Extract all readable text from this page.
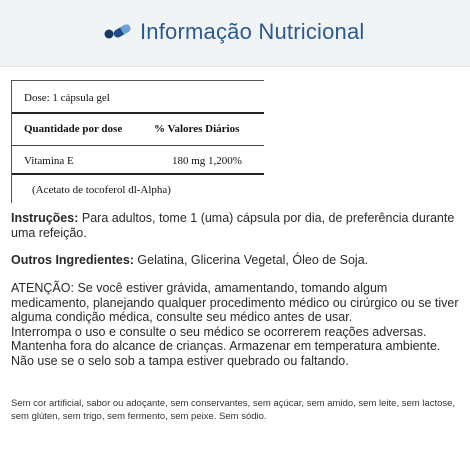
Informação Nutricional
Dose: 1 cápsula gel
Quantidade por dose	% Valores Diários
Vitamina E	180 mg 1,200%
(Acetato de tocoferol dl-Alpha)
Instruções: Para adultos, tome 1 (uma) cápsula por dia, de preferência durante uma refeição.
Outros Ingredientes: Gelatina, Glicerina Vegetal, Óleo de Soja.
ATENÇÃO: Se você estiver grávida, amamentando, tomando algum medicamento, planejando qualquer procedimento médico ou cirúrgico ou se tiver alguma condição médica, consulte seu médico antes de usar.
Interrompa o uso e consulte o seu médico se ocorrerem reações adversas.
Mantenha fora do alcance de crianças. Armazenar em temperatura ambiente.
Não use se o selo sob a tampa estiver quebrado ou faltando.
Sem cor artificial, sabor ou adoçante, sem conservantes, sem açúcar, sem amido, sem leite, sem lactose, sem glúten, sem trigo, sem fermento, sem peixe. Sem sódio.
